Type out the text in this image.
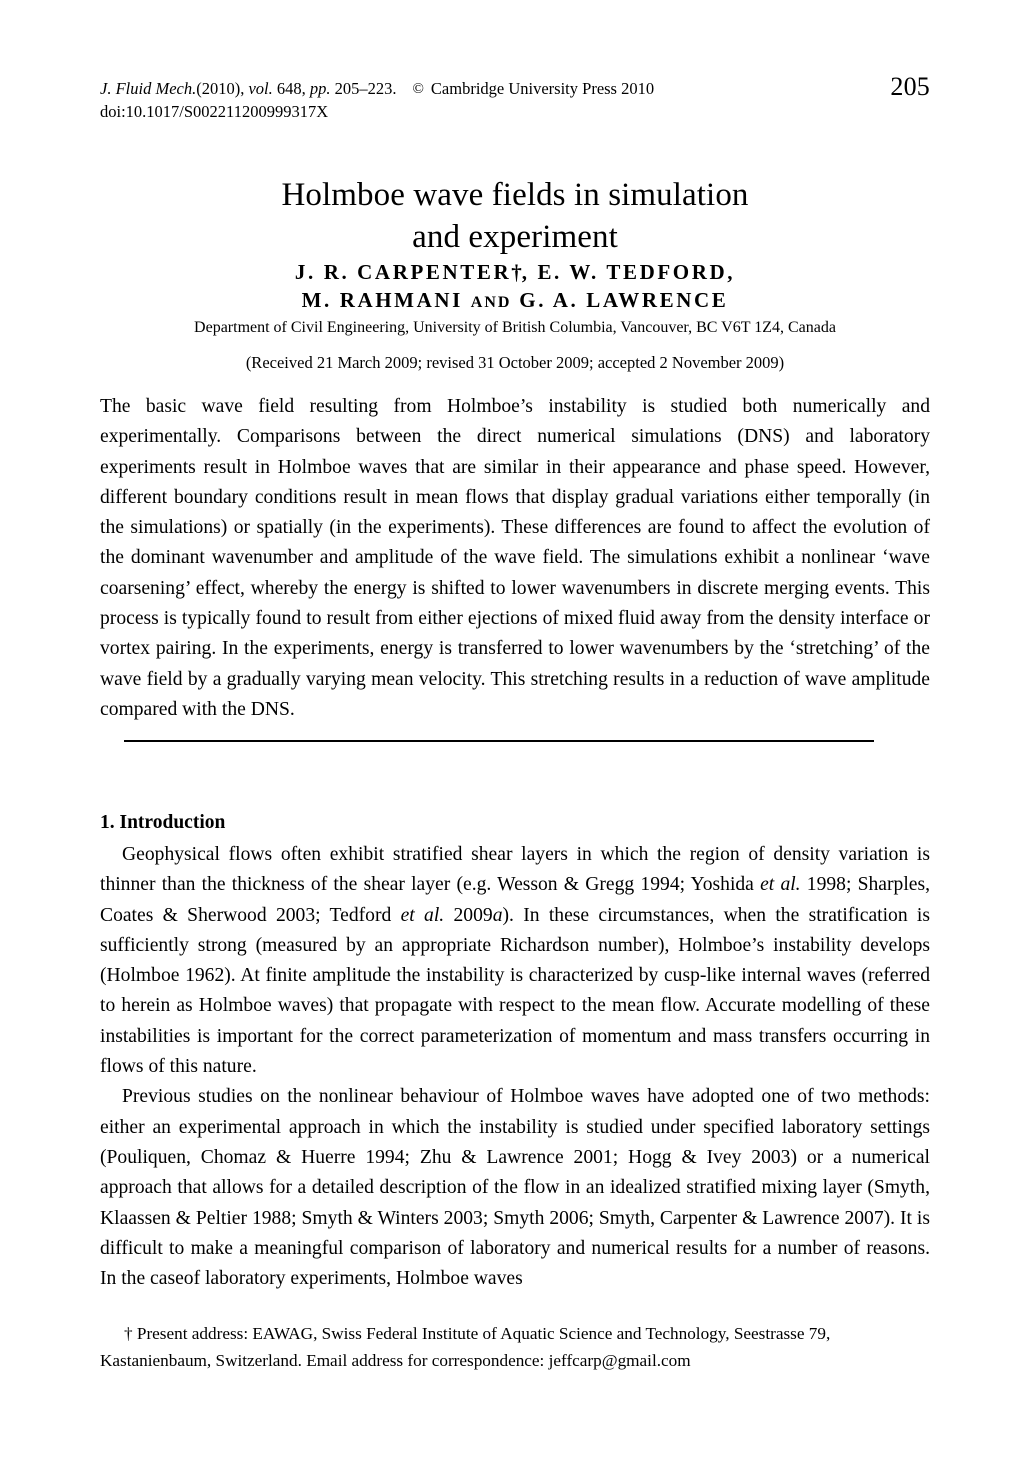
J. Fluid Mech.(2010), vol. 648, pp. 205–223. © Cambridge University Press 2010
doi:10.1017/S002211200999317X
205
Holmboe wave fields in simulation
and experiment
J. R. CARPENTER†, E. W. TEDFORD,
M. RAHMANI AND G. A. LAWRENCE
Department of Civil Engineering, University of British Columbia, Vancouver, BC V6T 1Z4, Canada
(Received 21 March 2009; revised 31 October 2009; accepted 2 November 2009)
The basic wave field resulting from Holmboe’s instability is studied both numerically and experimentally. Comparisons between the direct numerical simulations (DNS) and laboratory experiments result in Holmboe waves that are similar in their appearance and phase speed. However, different boundary conditions result in mean flows that display gradual variations either temporally (in the simulations) or spatially (in the experiments). These differences are found to affect the evolution of the dominant wavenumber and amplitude of the wave field. The simulations exhibit a nonlinear ‘wave coarsening’ effect, whereby the energy is shifted to lower wavenumbers in discrete merging events. This process is typically found to result from either ejections of mixed fluid away from the density interface or vortex pairing. In the experiments, energy is transferred to lower wavenumbers by the ‘stretching’ of the wave field by a gradually varying mean velocity. This stretching results in a reduction of wave amplitude compared with the DNS.
1. Introduction

Geophysical flows often exhibit stratified shear layers in which the region of density variation is thinner than the thickness of the shear layer (e.g. Wesson & Gregg 1994; Yoshida et al. 1998; Sharples, Coates & Sherwood 2003; Tedford et al. 2009a). In these circumstances, when the stratification is sufficiently strong (measured by an appropriate Richardson number), Holmboe’s instability develops (Holmboe 1962). At finite amplitude the instability is characterized by cusp-like internal waves (referred to herein as Holmboe waves) that propagate with respect to the mean flow. Accurate modelling of these instabilities is important for the correct parameterization of momentum and mass transfers occurring in flows of this nature.

Previous studies on the nonlinear behaviour of Holmboe waves have adopted one of two methods: either an experimental approach in which the instability is studied under specified laboratory settings (Pouliquen, Chomaz & Huerre 1994; Zhu & Lawrence 2001; Hogg & Ivey 2003) or a numerical approach that allows for a detailed description of the flow in an idealized stratified mixing layer (Smyth, Klaassen & Peltier 1988; Smyth & Winters 2003; Smyth 2006; Smyth, Carpenter & Lawrence 2007). It is difficult to make a meaningful comparison of laboratory and numerical results for a number of reasons. In the caseof laboratory experiments, Holmboe waves

† Present address: EAWAG, Swiss Federal Institute of Aquatic Science and Technology, Seestrasse 79, Kastanienbaum, Switzerland. Email address for correspondence: jeffcarp@gmail.com
